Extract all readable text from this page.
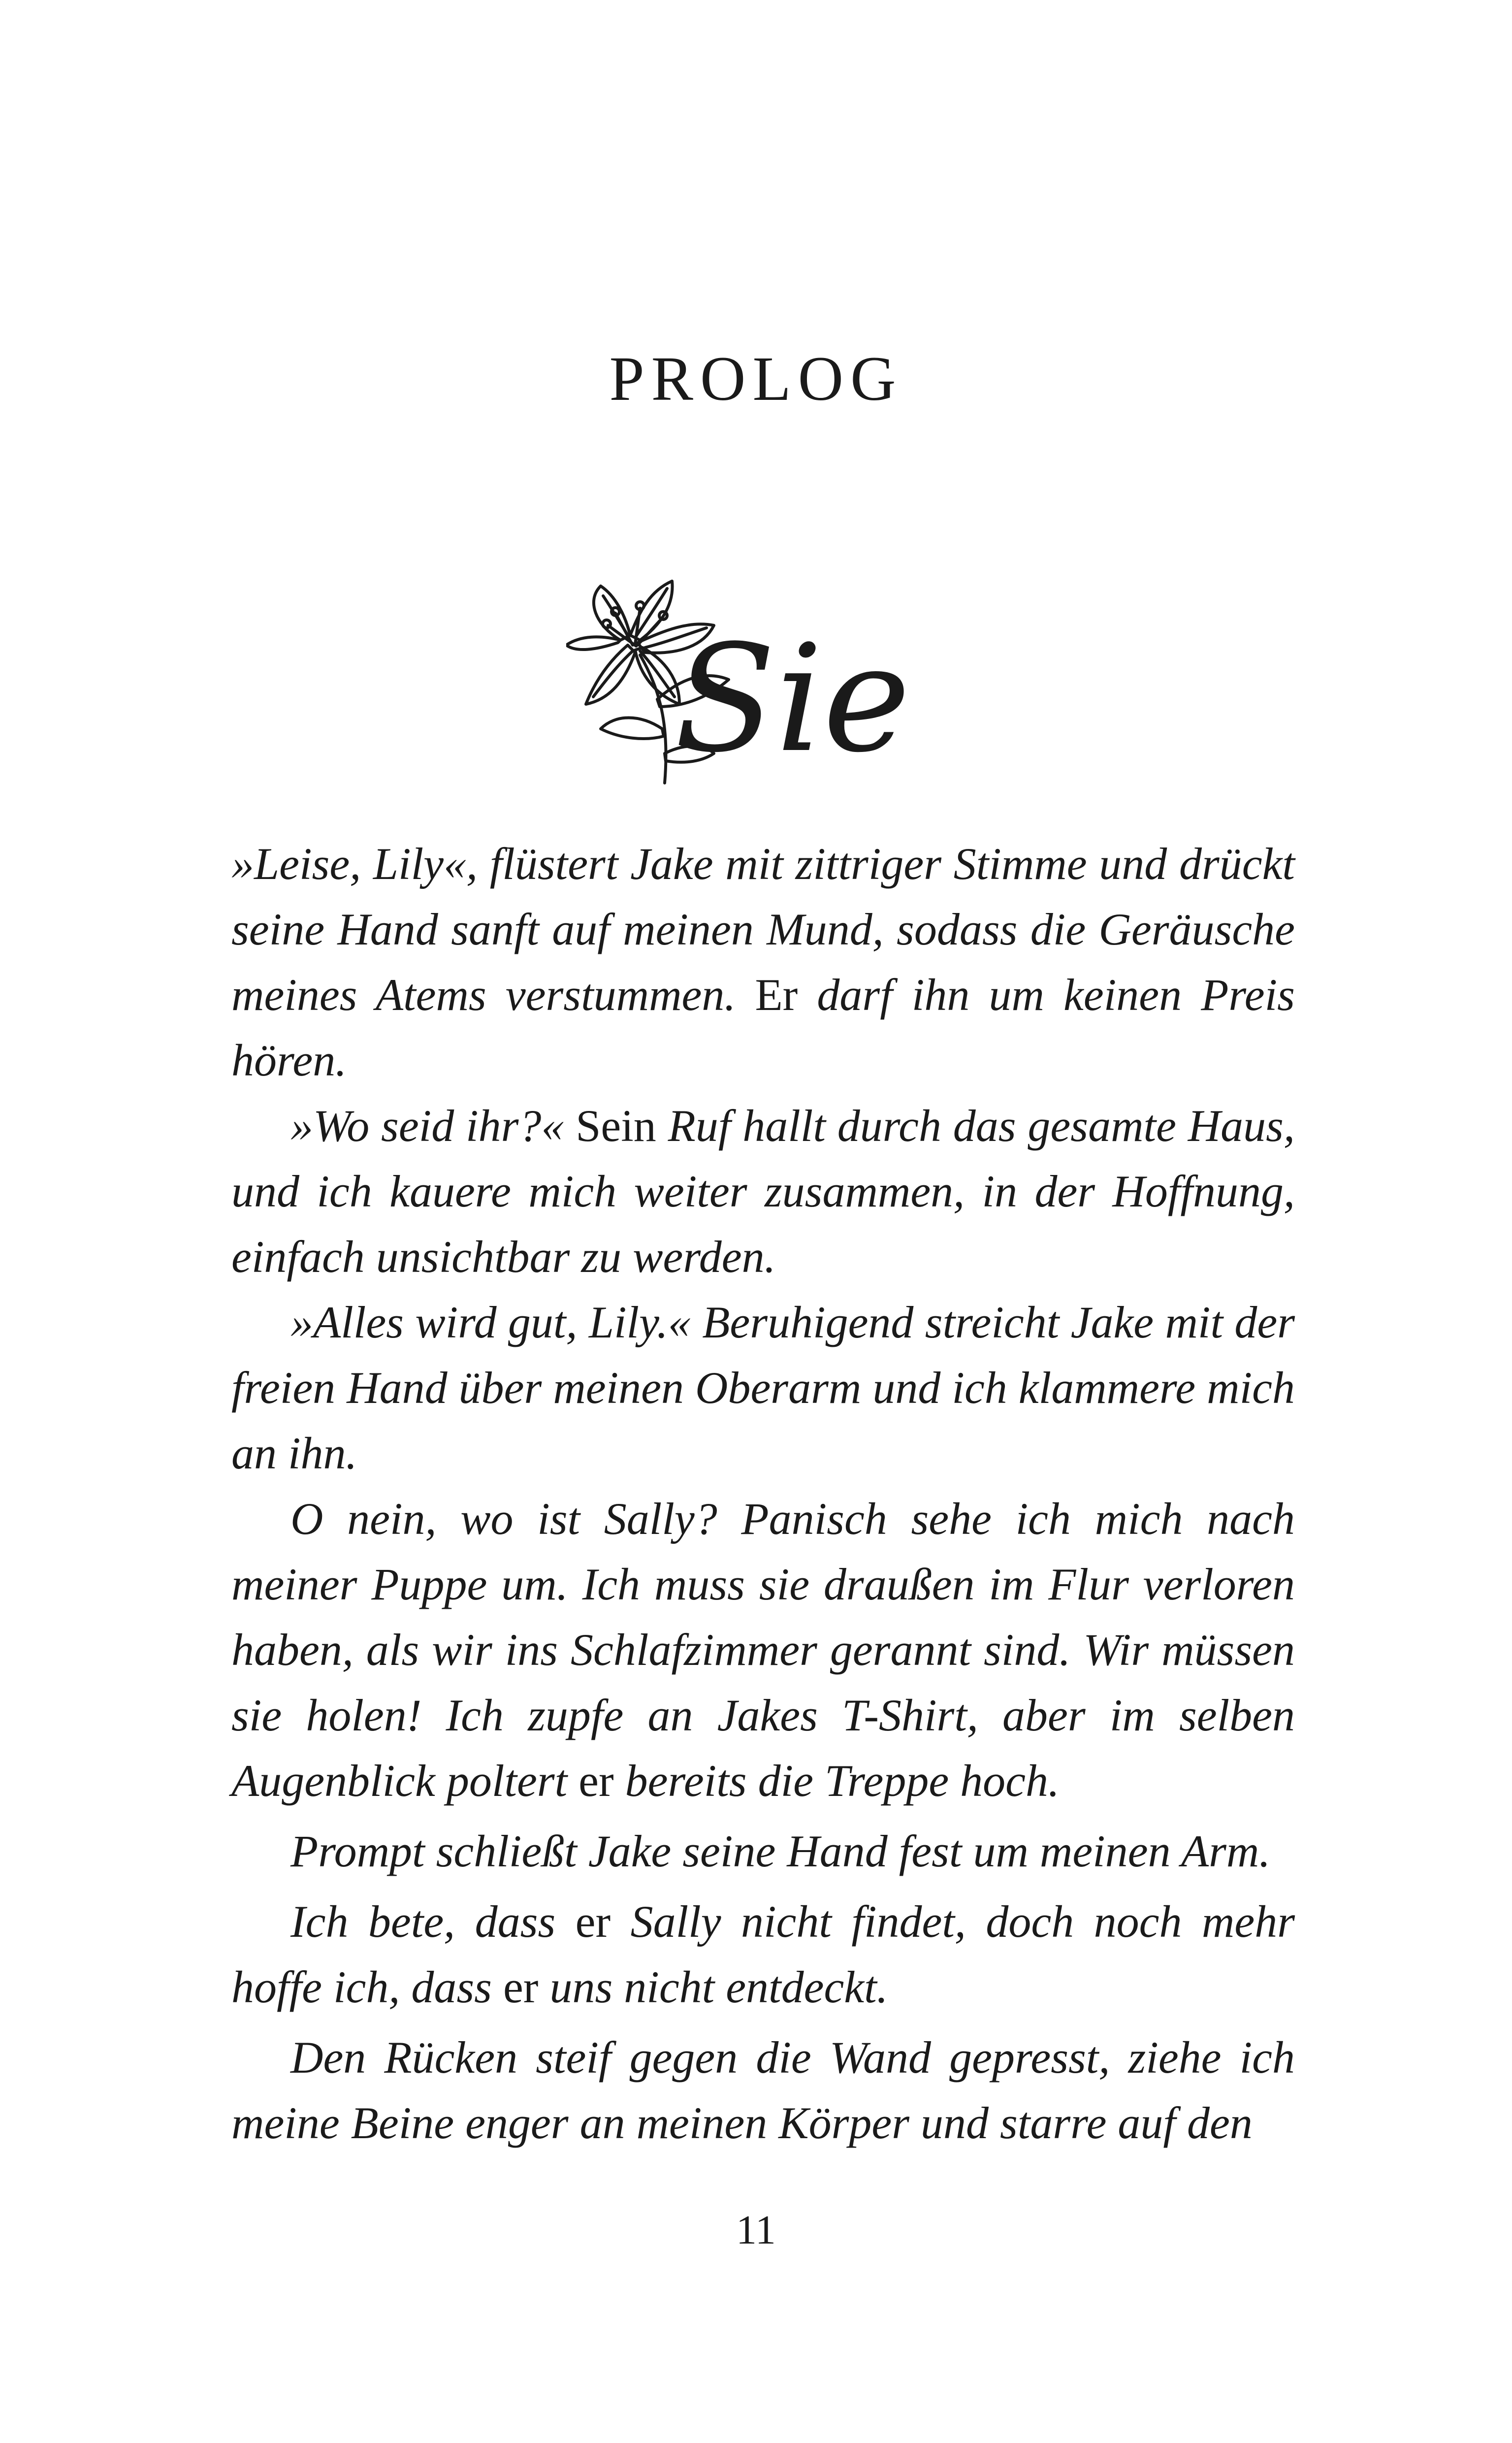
PROLOG
Sie

»Leise, Lily«, flüstert Jake mit zittriger Stimme und drückt seine Hand sanft auf meinen Mund, sodass die Geräusche meines Atems verstummen. Er darf ihn um keinen Preis hören.

»Wo seid ihr?« Sein Ruf hallt durch das gesamte Haus, und ich kauere mich weiter zusammen, in der Hoffnung, einfach unsichtbar zu werden.

»Alles wird gut, Lily.« Beruhigend streicht Jake mit der freien Hand über meinen Oberarm und ich klammere mich an ihn.

O nein, wo ist Sally? Panisch sehe ich mich nach meiner Puppe um. Ich muss sie draußen im Flur verloren haben, als wir ins Schlafzimmer gerannt sind. Wir müssen sie holen! Ich zupfe an Jakes T-Shirt, aber im selben Augenblick poltert er bereits die Treppe hoch.

Prompt schließt Jake seine Hand fest um meinen Arm.

Ich bete, dass er Sally nicht findet, doch noch mehr hoffe ich, dass er uns nicht entdeckt.

Den Rücken steif gegen die Wand gepresst, ziehe ich meine Beine enger an meinen Körper und starre auf den

11
